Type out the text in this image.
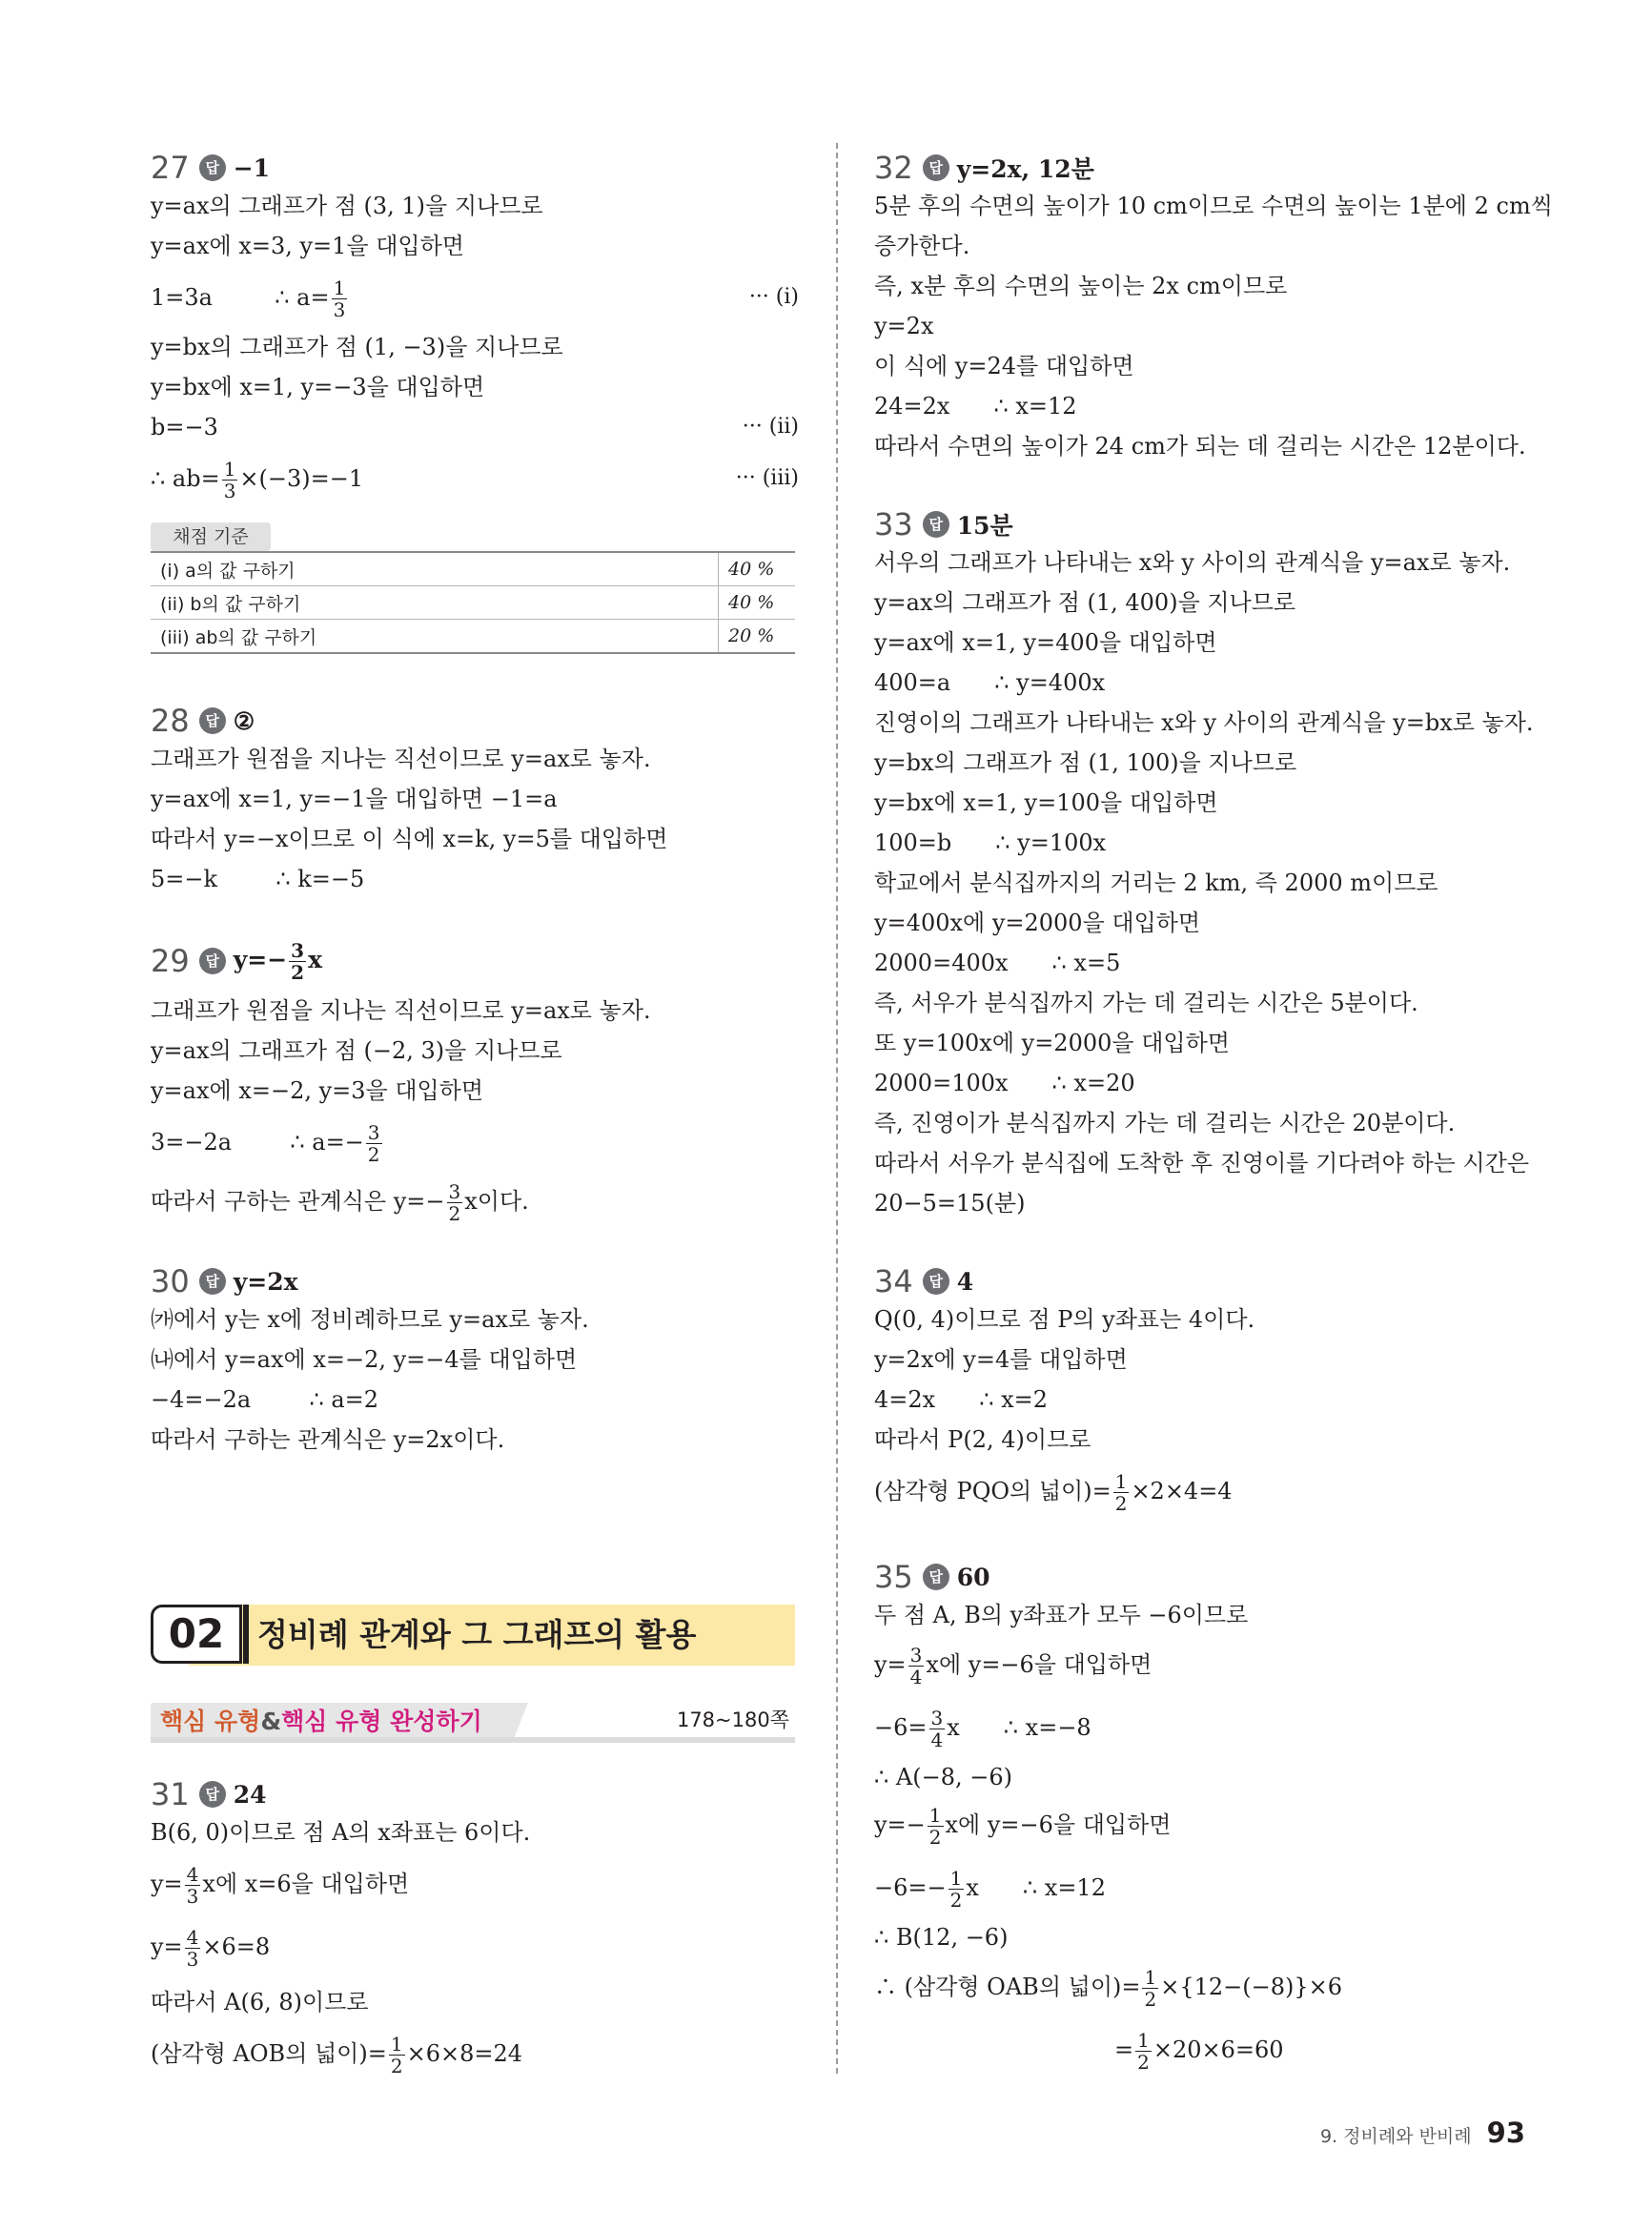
27	답 −1
y=ax의 그래프가 점 (3, 1)을 지나므로
y=ax에 x=3, y=1을 대입하면
1=3a	∴ $a= \frac{1}{3}$	··· (i)
y=bx의 그래프가 점 (1, −3)을 지나므로
y=bx에 x=1, y=−3을 대입하면
b=−3	··· (ii)
∴ $ab= \frac{1}{3} \times(-3)=-1$	··· (iii)
채점 기준
(i) a의 값 구하기	40 %
(ii) b의 값 구하기	40 %
(iii) ab의 값 구하기	20 %
28	답 ②
그래프가 원점을 지나는 직선이므로 y=ax로 놓자.
y=ax에 x=1, y=−1을 대입하면 −1=a
따라서 y=−x이므로 이 식에 x=k, y=5를 대입하면
5=−k	∴ k=−5
29	답 $y=- \frac{3}{2}$ x
그래프가 원점을 지나는 직선이므로 y=ax로 놓자.
y=ax의 그래프가 점 (−2, 3)을 지나므로
y=ax에 x=−2, y=3을 대입하면
3=−2a	∴ $a=- \frac{3}{2}$
따라서 구하는 관계식은 $y=- \frac{3}{2}$ x이다.
30	답 y=2x
㈎에서 y는 x에 정비례하므로 y=ax로 놓자.
㈏에서 y=ax에 x=−2, y=−4를 대입하면
−4=−2a	∴ a=2
따라서 구하는 관계식은 y=2x이다.
02	정비례 관계와 그 그래프의 활용
핵심 유형&핵심 유형 완성하기	178~180쪽
31	답 24
B(6, 0)이므로 점 A의 x좌표는 6이다.
$y= \frac{4}{3}$ x에 x=6을 대입하면
$y= \frac{4}{3} \times 6=8$
따라서 A(6, 8)이므로
(삼각형 AOB의 넓이)= $\frac{1}{2} \times 6\times 8=24$
32	답 y=2x, 12분
5분 후의 수면의 높이가 10 cm이므로 수면의 높이는 1분에 2 cm씩
증가한다.
즉, x분 후의 수면의 높이는 2x cm이므로
y=2x
이 식에 y=24를 대입하면
24=2x ∴ x=12
따라서 수면의 높이가 24 cm가 되는 데 걸리는 시간은 12분이다.
33	답 15분
서우의 그래프가 나타내는 x와 y 사이의 관계식을 y=ax로 놓자.
y=ax의 그래프가 점 (1, 400)을 지나므로
y=ax에 x=1, y=400을 대입하면
400=a ∴ y=400x
진영이의 그래프가 나타내는 x와 y 사이의 관계식을 y=bx로 놓자.
y=bx의 그래프가 점 (1, 100)을 지나므로
y=bx에 x=1, y=100을 대입하면
100=b ∴ y=100x
학교에서 분식집까지의 거리는 2 km, 즉 2000 m이므로
y=400x에 y=2000을 대입하면
2000=400x ∴ x=5
즉, 서우가 분식집까지 가는 데 걸리는 시간은 5분이다.
또 y=100x에 y=2000을 대입하면
2000=100x ∴ x=20
즉, 진영이가 분식집까지 가는 데 걸리는 시간은 20분이다.
따라서 서우가 분식집에 도착한 후 진영이를 기다려야 하는 시간은
20−5=15(분)
34	답 4
Q(0, 4)이므로 점 P의 y좌표는 4이다.
y=2x에 y=4를 대입하면
4=2x ∴ x=2
따라서 P(2, 4)이므로
(삼각형 PQO의 넓이)= $\frac{1}{2} \times 2\times 4=4$
35	답 60
두 점 A, B의 y좌표가 모두 −6이므로
$y= \frac{3}{4}$ x에 y=−6을 대입하면
$-6= \frac{3}{4}$ x ∴ x=−8
∴ A(−8, −6)
$y=- \frac{1}{2}$ x에 y=−6을 대입하면
$-6=- \frac{1}{2}$ x ∴ x=12
∴ B(12, −6)
∴ (삼각형 OAB의 넓이)= $\frac{1}{2} \times\{12-(-8)\}\times 6$
= $\frac{1}{2} \times 20\times 6=60$
9. 정비례와 반비례 93
